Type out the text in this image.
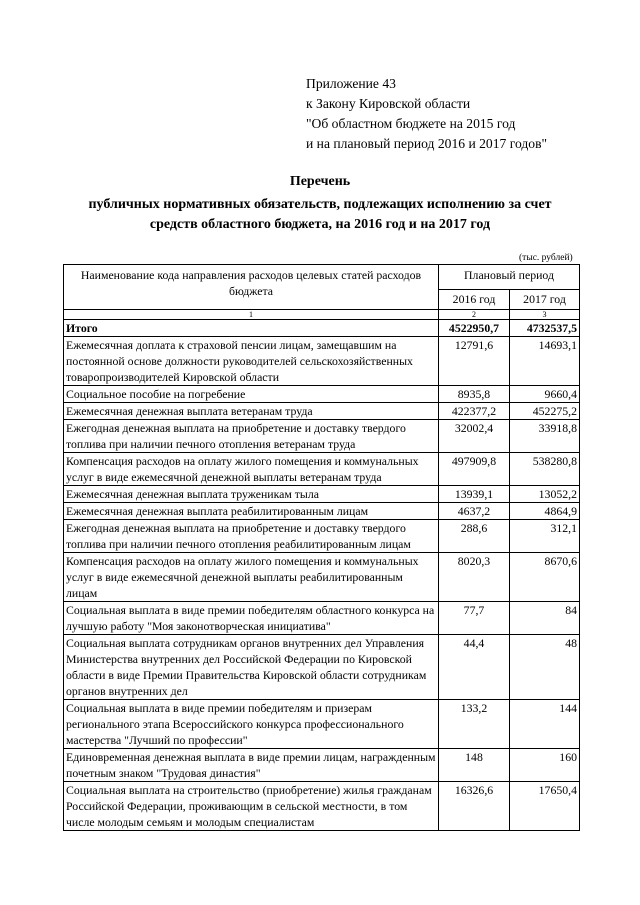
Приложение 43
к Закону Кировской области
"Об областном бюджете на 2015 год
и на плановый период 2016 и 2017 годов"
Перечень
публичных нормативных обязательств, подлежащих исполнению за счет
средств областного бюджета, на 2016 год и на 2017 год
(тыс. рублей)
Наименование кода направления расходов целевых статей расходов бюджета	Плановый период	
	2016 год	2017 год
1	2	3
Итого	4522950,7	4732537,5
Ежемесячная доплата к страховой пенсии лицам, замещавшим на постоянной основе должности руководителей сельскохозяйственных товаропроизводителей Кировской области	12791,6	14693,1
Социальное пособие на погребение	8935,8	9660,4
Ежемесячная денежная выплата ветеранам труда	422377,2	452275,2
Ежегодная денежная выплата на приобретение и доставку твердого топлива при наличии печного отопления ветеранам труда	32002,4	33918,8
Компенсация расходов на оплату жилого помещения и коммунальных услуг в виде ежемесячной денежной выплаты ветеранам труда	497909,8	538280,8
Ежемесячная денежная выплата труженикам тыла	13939,1	13052,2
Ежемесячная денежная выплата реабилитированным лицам	4637,2	4864,9
Ежегодная денежная выплата на приобретение и доставку твердого топлива при наличии печного отопления реабилитированным лицам	288,6	312,1
Компенсация расходов на оплату жилого помещения и коммунальных услуг в виде ежемесячной денежной выплаты реабилитированным лицам	8020,3	8670,6
Социальная выплата в виде премии победителям областного конкурса на лучшую работу "Моя законотворческая инициатива"	77,7	84
Социальная выплата сотрудникам органов внутренних дел Управления Министерства внутренних дел Российской Федерации по Кировской области в виде Премии Правительства Кировской области сотрудникам органов внутренних дел	44,4	48
Социальная выплата в виде премии победителям и призерам регионального этапа Всероссийского конкурса профессионального мастерства "Лучший по профессии"	133,2	144
Единовременная денежная выплата в виде премии лицам, награжденным почетным знаком "Трудовая династия"	148	160
Социальная выплата на строительство (приобретение) жилья гражданам Российской Федерации, проживающим в сельской местности, в том числе молодым семьям и молодым специалистам	16326,6	17650,4
